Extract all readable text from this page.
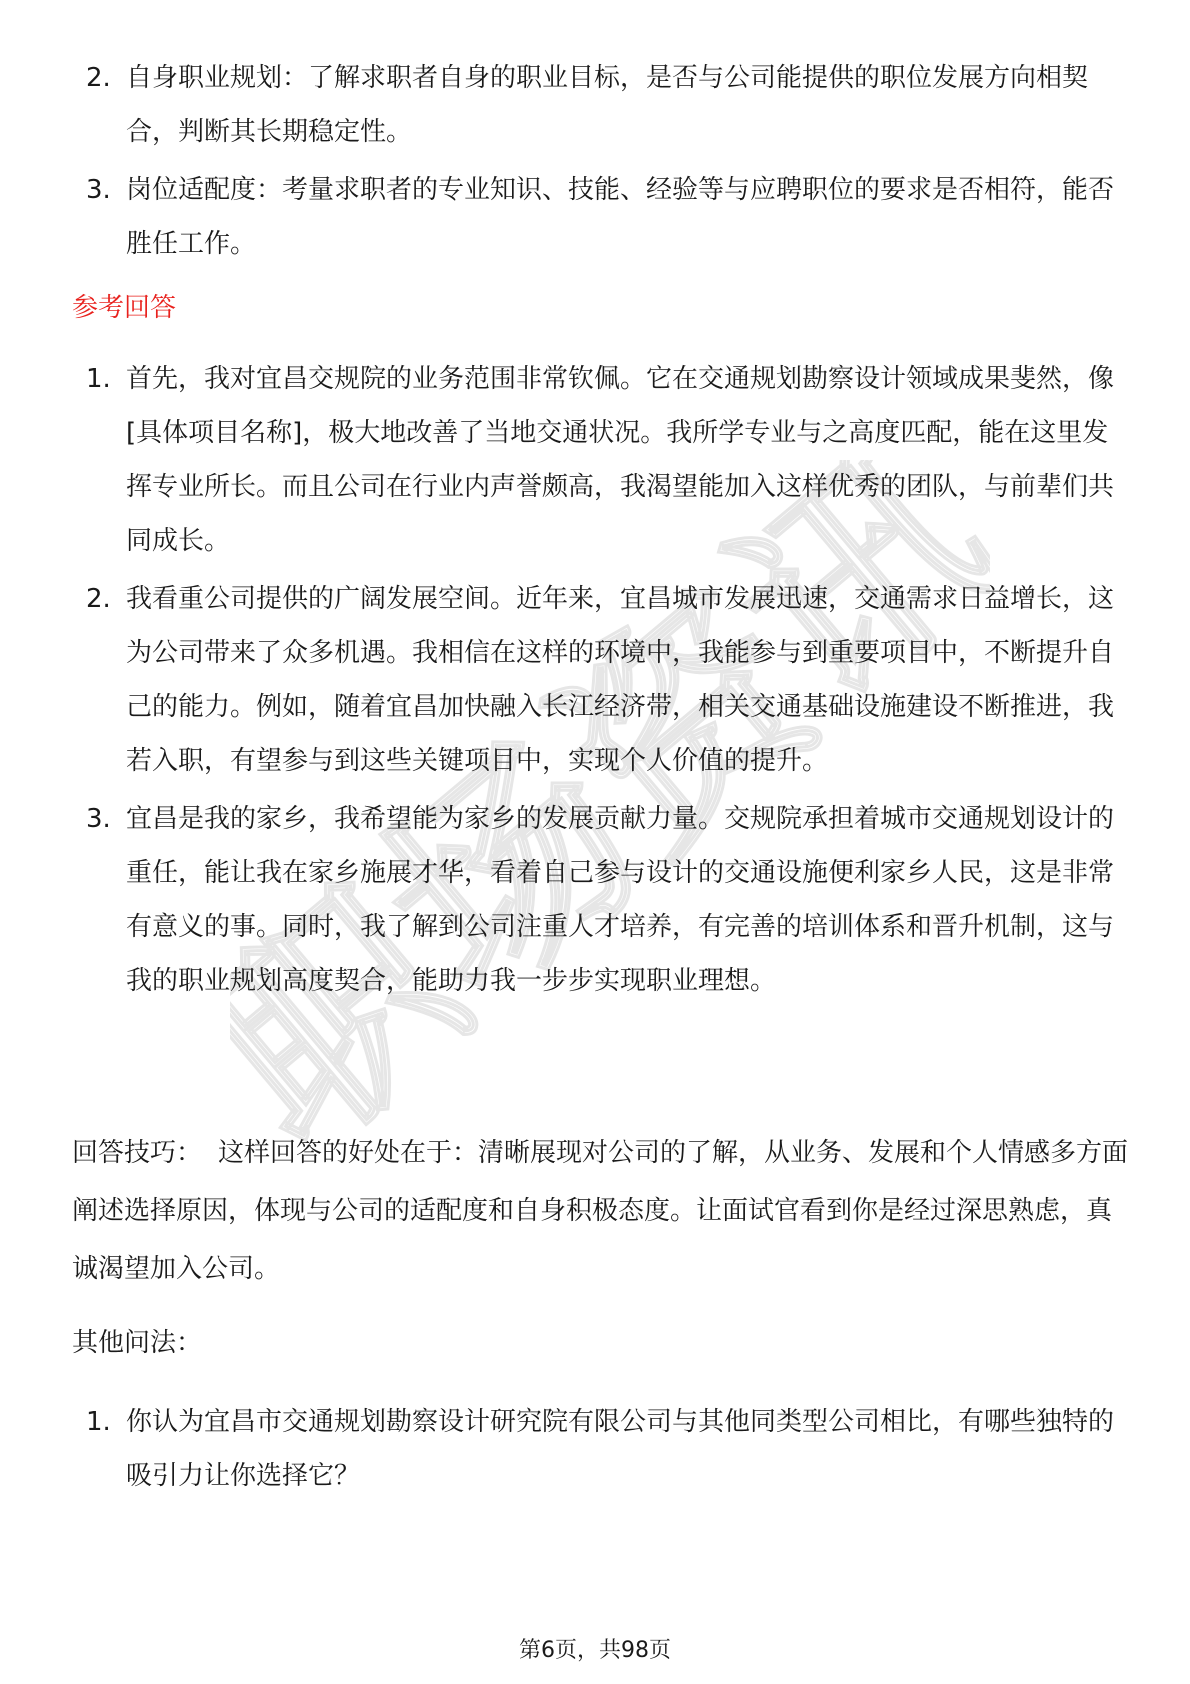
职场资讯
2. 自身职业规划：了解求职者自身的职业目标，是否与公司能提供的职位发展方向相契合，判断其长期稳定性。
3. 岗位适配度：考量求职者的专业知识、技能、经验等与应聘职位的要求是否相符，能否胜任工作。
参考回答
1. 首先，我对宜昌交规院的业务范围非常钦佩。它在交通规划勘察设计领域成果斐然，像[具体项目名称]，极大地改善了当地交通状况。我所学专业与之高度匹配，能在这里发挥专业所长。而且公司在行业内声誉颇高，我渴望能加入这样优秀的团队，与前辈们共同成长。
2. 我看重公司提供的广阔发展空间。近年来，宜昌城市发展迅速，交通需求日益增长，这为公司带来了众多机遇。我相信在这样的环境中，我能参与到重要项目中，不断提升自己的能力。例如，随着宜昌加快融入长江经济带，相关交通基础设施建设不断推进，我若入职，有望参与到这些关键项目中，实现个人价值的提升。
3. 宜昌是我的家乡，我希望能为家乡的发展贡献力量。交规院承担着城市交通规划设计的重任，能让我在家乡施展才华，看着自己参与设计的交通设施便利家乡人民，这是非常有意义的事。同时，我了解到公司注重人才培养，有完善的培训体系和晋升机制，这与我的职业规划高度契合，能助力我一步步实现职业理想。

回答技巧： 这样回答的好处在于：清晰展现对公司的了解，从业务、发展和个人情感多方面阐述选择原因，体现与公司的适配度和自身积极态度。让面试官看到你是经过深思熟虑，真诚渴望加入公司。

其他问法：
1. 你认为宜昌市交通规划勘察设计研究院有限公司与其他同类型公司相比，有哪些独特的吸引力让你选择它？
第6页，共98页
